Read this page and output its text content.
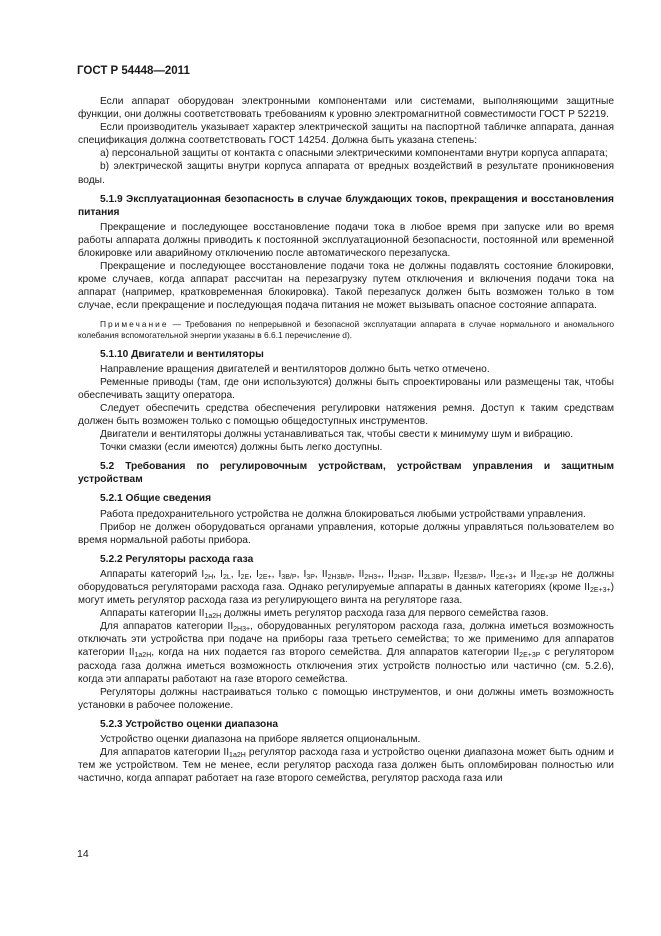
ГОСТ Р 54448—2011

Если аппарат оборудован электронными компонентами или системами, выполняющими защитные функции, они должны соответствовать требованиям к уровню электромагнитной совместимости ГОСТ Р 52219.

Если производитель указывает характер электрической защиты на паспортной табличке аппарата, данная спецификация должна соответствовать ГОСТ 14254. Должна быть указана степень:

a) персональной защиты от контакта с опасными электрическими компонентами внутри корпуса аппарата;

b) электрической защиты внутри корпуса аппарата от вредных воздействий в результате проникновения воды.

5.1.9 Эксплуатационная безопасность в случае блуждающих токов, прекращения и восстановления питания

Прекращение и последующее восстановление подачи тока в любое время при запуске или во время работы аппарата должны приводить к постоянной эксплуатационной безопасности, постоянной или временной блокировке или аварийному отключению после автоматического перезапуска.

Прекращение и последующее восстановление подачи тока не должны подавлять состояние блокировки, кроме случаев, когда аппарат рассчитан на перезагрузку путем отключения и включения подачи тока на аппарат (например, кратковременная блокировка). Такой перезапуск должен быть возможен только в том случае, если прекращение и последующая подача питания не может вызывать опасное состояние аппарата.

Примечание — Требования по непрерывной и безопасной эксплуатации аппарата в случае нормального и аномального колебания вспомогательной энергии указаны в 6.6.1 перечисление d).

5.1.10 Двигатели и вентиляторы

Направление вращения двигателей и вентиляторов должно быть четко отмечено.

Ременные приводы (там, где они используются) должны быть спроектированы или размещены так, чтобы обеспечивать защиту оператора.

Следует обеспечить средства обеспечения регулировки натяжения ремня. Доступ к таким средствам должен быть возможен только с помощью общедоступных инструментов.

Двигатели и вентиляторы должны устанавливаться так, чтобы свести к минимуму шум и вибрацию.

Точки смазки (если имеются) должны быть легко доступны.

5.2 Требования по регулировочным устройствам, устройствам управления и защитным устройствам
5.2.1 Общие сведения

Работа предохранительного устройства не должна блокироваться любыми устройствами управления.

Прибор не должен оборудоваться органами управления, которые должны управляться пользователем во время нормальной работы прибора.

5.2.2 Регуляторы расхода газа

Аппараты категорий $I_{2H}$, $I_{2L}$, $I_{2E}$, $I_{2E+}$, $I_{3B/P}$, $I_{3P}$, $II_{2H3B/P}$, $II_{2H3+}$, $II_{2H3P}$, $II_{2L3B/P}$, $II_{2E3B/P}$, $II_{2E+3+}$ и $II_{2E+3P}$ не должны оборудоваться регуляторами расхода газа. Однако регулируемые аппараты в данных категориях (кроме $II_{2E+3+}$) могут иметь регулятор расхода газа из регулирующего винта на регуляторе газа.

Аппараты категории $II_{1a2H}$ должны иметь регулятор расхода газа для первого семейства газов.

Для аппаратов категории $II_{2H3+}$, оборудованных регулятором расхода газа, должна иметься возможность отключать эти устройства при подаче на приборы газа третьего семейства; то же применимо для аппаратов категории $II_{1a2H}$, когда на них подается газ второго семейства. Для аппаратов категории $II_{2E+3P}$ с регулятором расхода газа должна иметься возможность отключения этих устройств полностью или частично (см. 5.2.6), когда эти аппараты работают на газе второго семейства.

Регуляторы должны настраиваться только с помощью инструментов, и они должны иметь возможность установки в рабочее положение.

5.2.3 Устройство оценки диапазона

Устройство оценки диапазона на приборе является опциональным.

Для аппаратов категории $II_{1a2H}$ регулятор расхода газа и устройство оценки диапазона может быть одним и тем же устройством. Тем не менее, если регулятор расхода газа должен быть опломбирован полностью или частично, когда аппарат работает на газе второго семейства, регулятор расхода газа или

14
